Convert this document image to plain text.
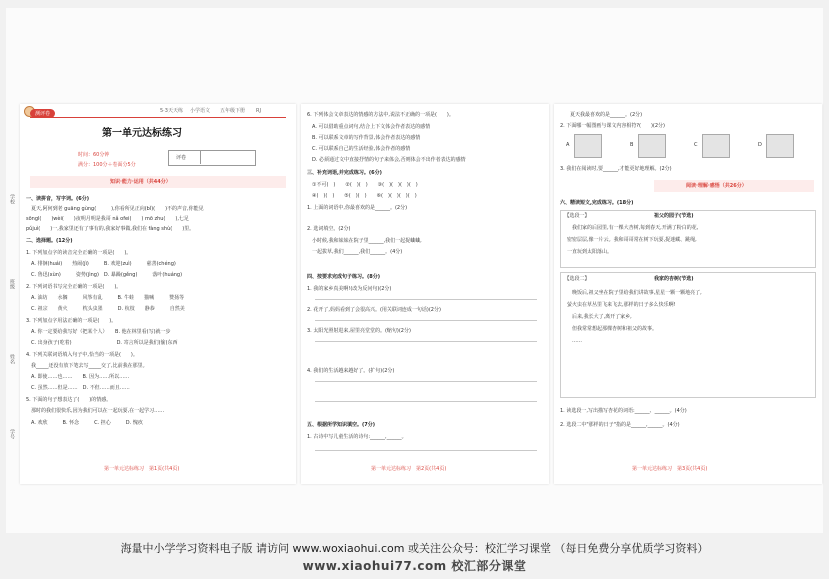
测评卷	5·3天天练 小学语文 五年级下册 RJ
第一单元达标练习
时间：60分钟
满分：100分＋卷面分5分
评卷
学校
班级
姓名
学号
知识·能力·运用（共44分）
一、读拼音，写字词。(6分)
　夏天,阿何到老 guāng gùnɡ(　　　),你看所见正向(bǐ)(　　)不的声音,你能见
sōngl(　　)wèi(　　)夜明月明是我哥 nǎ ofei(　　) mō zhu(　　),七足
pǔjuì(　　)一,我家里还有了事有的,我家好事做,我们在 fàng shù(　　)里。
二、选择题。(12分)
1. 下列加点字的读音完全正确的一项是(　　)。
　A. 徘徊(huái)　　热闹(jì)　　　B. 欢迎(zuì)　　　慈善(chéng)
　C. 鲁迅(xùn)　　　姿势(jìng)　D. 暴躁(gěng)　　　落叶(huáng)
2. 下列词语书写完全正确的一项是(　　)。
　A. 油坊　　水搁　　　风筝有乱　　　B. 牛蛙　　猫喊　　　赞扬等
　C. 祖宗　　黄火　　　枕头虫墨　　　D. 杭枝　　静恭　　　自然美
3. 下列加点字用法正确的一项是(　　)。
　A. 你一定要给我写好（把某个人）　　B. 他在林里看(写)就一步
　C. 出身孩子(吃着)　　　　　　　　　D. 寄言所以是我们(偷)东西
4. 下列关联词语填入句子中,恰当的一项是(　　)。
　我_____还没有放下笔去写_____交了,比前我在那里。
　A. 即使……也……　　B. 因为……所以……
　C. 虽然……但是……　D. 不但……而且……
5. 下面的句子想表达了(　　)的情感。
　那时的我们很快乐,因为我们可以在一起玩耍,在一起学习……
　A. 欢欣　　　B. 怀念　　　C. 担心　　　D. 愧疚
第一单元达标练习　第1页(共4页)
6. 下列体会文章表达的情感的方法中,说法不正确的一项是(　　)。
　A. 可以借助重点词句,结合上下文体会作者表达的感情
　B. 可以联系文章的写作背景,体会作者表达的感情
　C. 可以联系自己的生活经验,体会作者的感情
　D. 必须通过文中直接抒情的句子来体会,否则体会不出作者表达的感情
三、补充词语,并完成练习。(6分)
　①不可(　)　　②(　)(　)　　③(　)(　)(　)(　)
　④(　)(　)　　⑤(　)(　)　　⑥(　)(　)(　)(　)
1. 上面的词语中,你最喜欢的是______。(2分)
2. 选词填空。(2分)
　小时候,我和妹妹在院子里______,我们一起捉蛐蛐,
　一起拔草,我们______,我们______。(4分)
四、按要求完成句子练习。(8分)
1. 我的家乡真美啊!(改为反问句)(2分)
2. 花开了,妈妈看到了会很高兴。(用关联词连成一句话)(2分)
3. 太阳光照射进来,屋里亮堂堂的。(缩句)(2分)
4. 我们的生活越来越好了。(扩句)(2分)
五、根据所学知识填空。(7分)
1. 古诗中写儿童生活的诗句:______,______。
第一单元达标练习　第2页(共4页)
　　夏天我最喜欢的是______。(2分)
2. 下面哪一幅图画与课文内容相符?(　　)(2分)
A	B	C	D
3. 我们在阅读时,要______,才能更好地理解。(2分)
阅读·理解·感悟（共26分）
六、精读短文,完成练习。(18分)
　【选段一】	祖父的园子(节选)
　　我们家的后园里,有一棵大杏树,每到春天,开满了粉白的花,
　密密层层,像一片云。我和哥哥常在树下玩耍,捉迷藏、跳绳,
　一直玩到太阳落山。
　【选段二】	我家的杏树(节选)
　　晚饭后,祖父坐在院子里给我们讲故事,星星一颗一颗地亮了,
　萤火虫在草丛里飞来飞去,那样的日子多么快乐啊!
　　后来,我长大了,离开了家乡,
　　但我常常想起那棵杏树和祖父的故事。
　　……
1. 读选段一,写出描写杏花的词语:______、______。(4分)
2. 选段二中"那样的日子"指的是______,______。(4分)
第一单元达标练习　第3页(共4页)
海量中小学学习资料电子版 请访问 www.woxiaohui.com 或关注公众号：校汇学习课堂 （每日免费分享优质学习资料）
www.xiaohui77.com 校汇部分课堂
